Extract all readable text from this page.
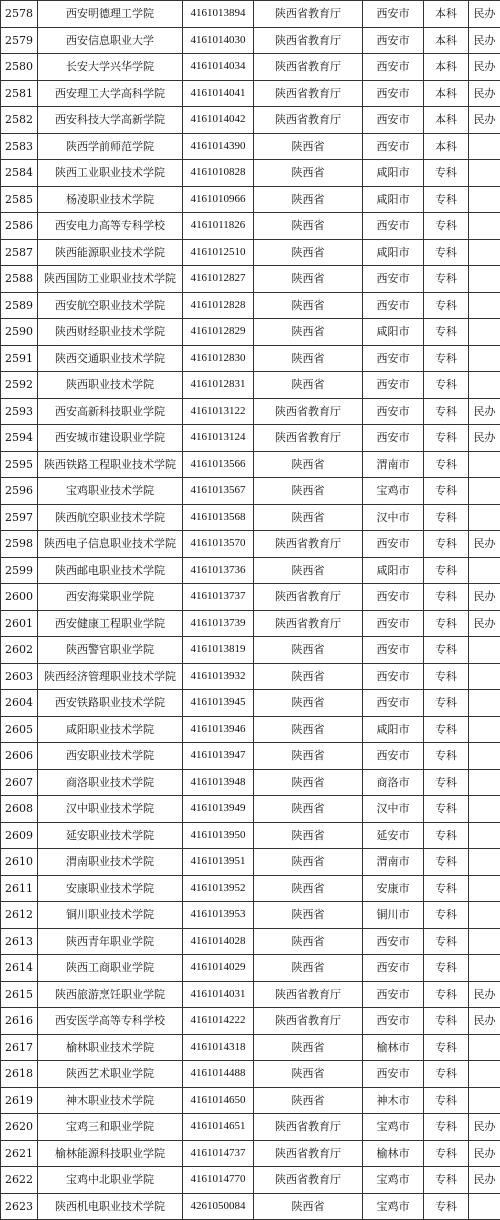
2578	西安明德理工学院	4161013894	陕西省教育厅	西安市	本科	民办
2579	西安信息职业大学	4161014030	陕西省教育厅	西安市	本科	民办
2580	长安大学兴华学院	4161014034	陕西省教育厅	西安市	本科	民办
2581	西安理工大学高科学院	4161014041	陕西省教育厅	西安市	本科	民办
2582	西安科技大学高新学院	4161014042	陕西省教育厅	西安市	本科	民办
2583	陕西学前师范学院	4161014390	陕西省	西安市	本科	
2584	陕西工业职业技术学院	4161010828	陕西省	咸阳市	专科	
2585	杨凌职业技术学院	4161010966	陕西省	咸阳市	专科	
2586	西安电力高等专科学校	4161011826	陕西省	西安市	专科	
2587	陕西能源职业技术学院	4161012510	陕西省	咸阳市	专科	
2588	陕西国防工业职业技术学院	4161012827	陕西省	西安市	专科	
2589	西安航空职业技术学院	4161012828	陕西省	西安市	专科	
2590	陕西财经职业技术学院	4161012829	陕西省	咸阳市	专科	
2591	陕西交通职业技术学院	4161012830	陕西省	西安市	专科	
2592	陕西职业技术学院	4161012831	陕西省	西安市	专科	
2593	西安高新科技职业学院	4161013122	陕西省教育厅	西安市	专科	民办
2594	西安城市建设职业学院	4161013124	陕西省教育厅	西安市	专科	民办
2595	陕西铁路工程职业技术学院	4161013566	陕西省	渭南市	专科	
2596	宝鸡职业技术学院	4161013567	陕西省	宝鸡市	专科	
2597	陕西航空职业技术学院	4161013568	陕西省	汉中市	专科	
2598	陕西电子信息职业技术学院	4161013570	陕西省教育厅	西安市	专科	民办
2599	陕西邮电职业技术学院	4161013736	陕西省	咸阳市	专科	
2600	西安海棠职业学院	4161013737	陕西省教育厅	西安市	专科	民办
2601	西安健康工程职业学院	4161013739	陕西省教育厅	西安市	专科	民办
2602	陕西警官职业学院	4161013819	陕西省	西安市	专科	
2603	陕西经济管理职业技术学院	4161013932	陕西省	西安市	专科	
2604	西安铁路职业技术学院	4161013945	陕西省	西安市	专科	
2605	咸阳职业技术学院	4161013946	陕西省	咸阳市	专科	
2606	西安职业技术学院	4161013947	陕西省	西安市	专科	
2607	商洛职业技术学院	4161013948	陕西省	商洛市	专科	
2608	汉中职业技术学院	4161013949	陕西省	汉中市	专科	
2609	延安职业技术学院	4161013950	陕西省	延安市	专科	
2610	渭南职业技术学院	4161013951	陕西省	渭南市	专科	
2611	安康职业技术学院	4161013952	陕西省	安康市	专科	
2612	铜川职业技术学院	4161013953	陕西省	铜川市	专科	
2613	陕西青年职业学院	4161014028	陕西省	西安市	专科	
2614	陕西工商职业学院	4161014029	陕西省	西安市	专科	
2615	陕西旅游烹饪职业学院	4161014031	陕西省教育厅	西安市	专科	民办
2616	西安医学高等专科学校	4161014222	陕西省教育厅	西安市	专科	民办
2617	榆林职业技术学院	4161014318	陕西省	榆林市	专科	
2618	陕西艺术职业学院	4161014488	陕西省	西安市	专科	
2619	神木职业技术学院	4161014650	陕西省	神木市	专科	
2620	宝鸡三和职业学院	4161014651	陕西省教育厅	宝鸡市	专科	民办
2621	榆林能源科技职业学院	4161014737	陕西省教育厅	榆林市	专科	民办
2622	宝鸡中北职业学院	4161014770	陕西省教育厅	宝鸡市	专科	民办
2623	陕西机电职业技术学院	4261050084	陕西省	宝鸡市	专科	
